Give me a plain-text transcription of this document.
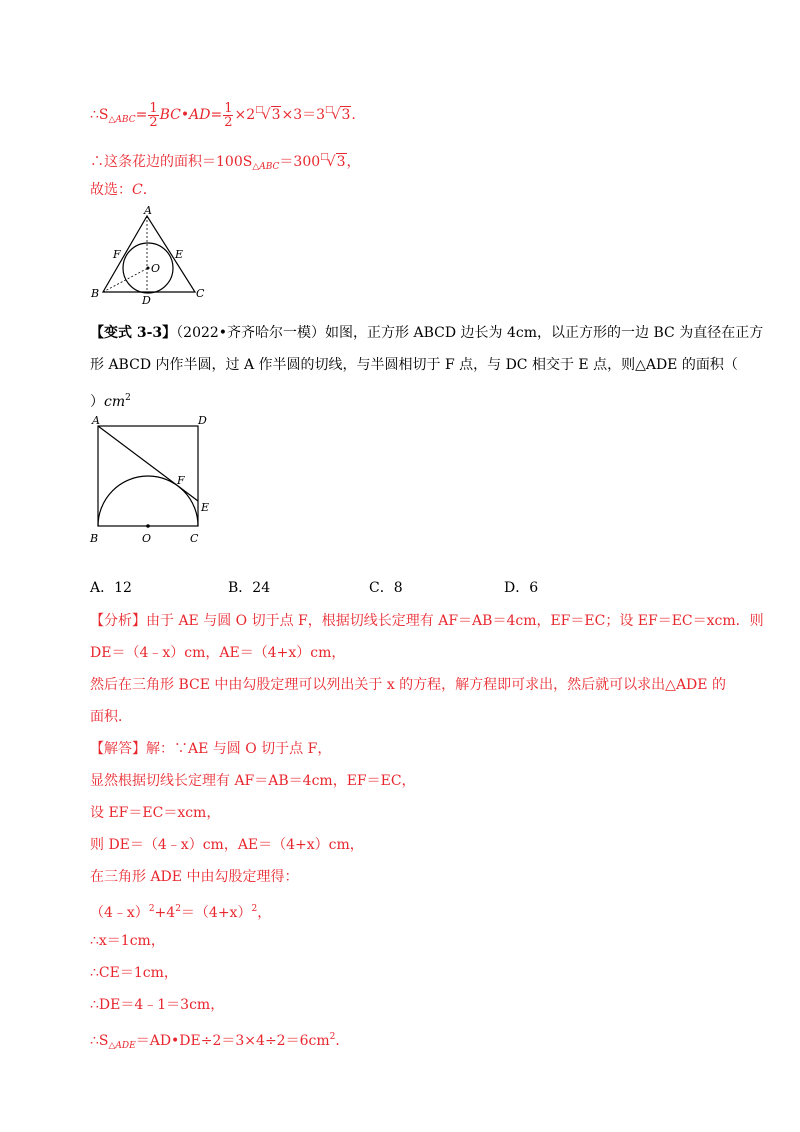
$\therefore S_{\triangle ABC}= \frac{1}{2}$ BC•AD= $\frac{1}{2} \times 2^□√3\times 3=3^□√3$.
∴这条花边的面积$=100S_{\triangle ABC}=300^□√3$，
故选：C．
A
B	C
D
E
F
O
【变式 3-3】（2022•齐齐哈尔一模）如图，正方形 ABCD 边长为 4cm，以正方形的一边 BC 为直径在正方
形 ABCD 内作半圆，过 A 作半圆的切线，与半圆相切于 F 点，与 DC 相交于 E 点，则△ADE 的面积（
）$cm^2$
A	D
B	O	C
E
F
A．12	B．24	C．8	D．6
【分析】由于 AE 与圆 O 切于点 F，根据切线长定理有 AF＝AB＝4cm，EF＝EC；设 EF＝EC＝xcm．则
DE＝（4﹣x）cm，AE＝（4+x）cm，
然后在三角形 BCE 中由勾股定理可以列出关于 x 的方程，解方程即可求出，然后就可以求出△ADE 的
面积．
【解答】解：∵AE 与圆 O 切于点 F，
显然根据切线长定理有 AF＝AB＝4cm，EF＝EC，
设 EF＝EC＝xcm，
则 DE＝（4﹣x）cm，AE＝（4+x）cm，
在三角形 ADE 中由勾股定理得：
$(4﹣x)^2+4^2=(4+x)^2$，
∴x＝1cm，
∴CE＝1cm，
∴DE＝4﹣1＝3cm，
$\therefore S_{\triangle ADE}=AD•DE\div 2=3\times 4\div 2=6cm^2$．
